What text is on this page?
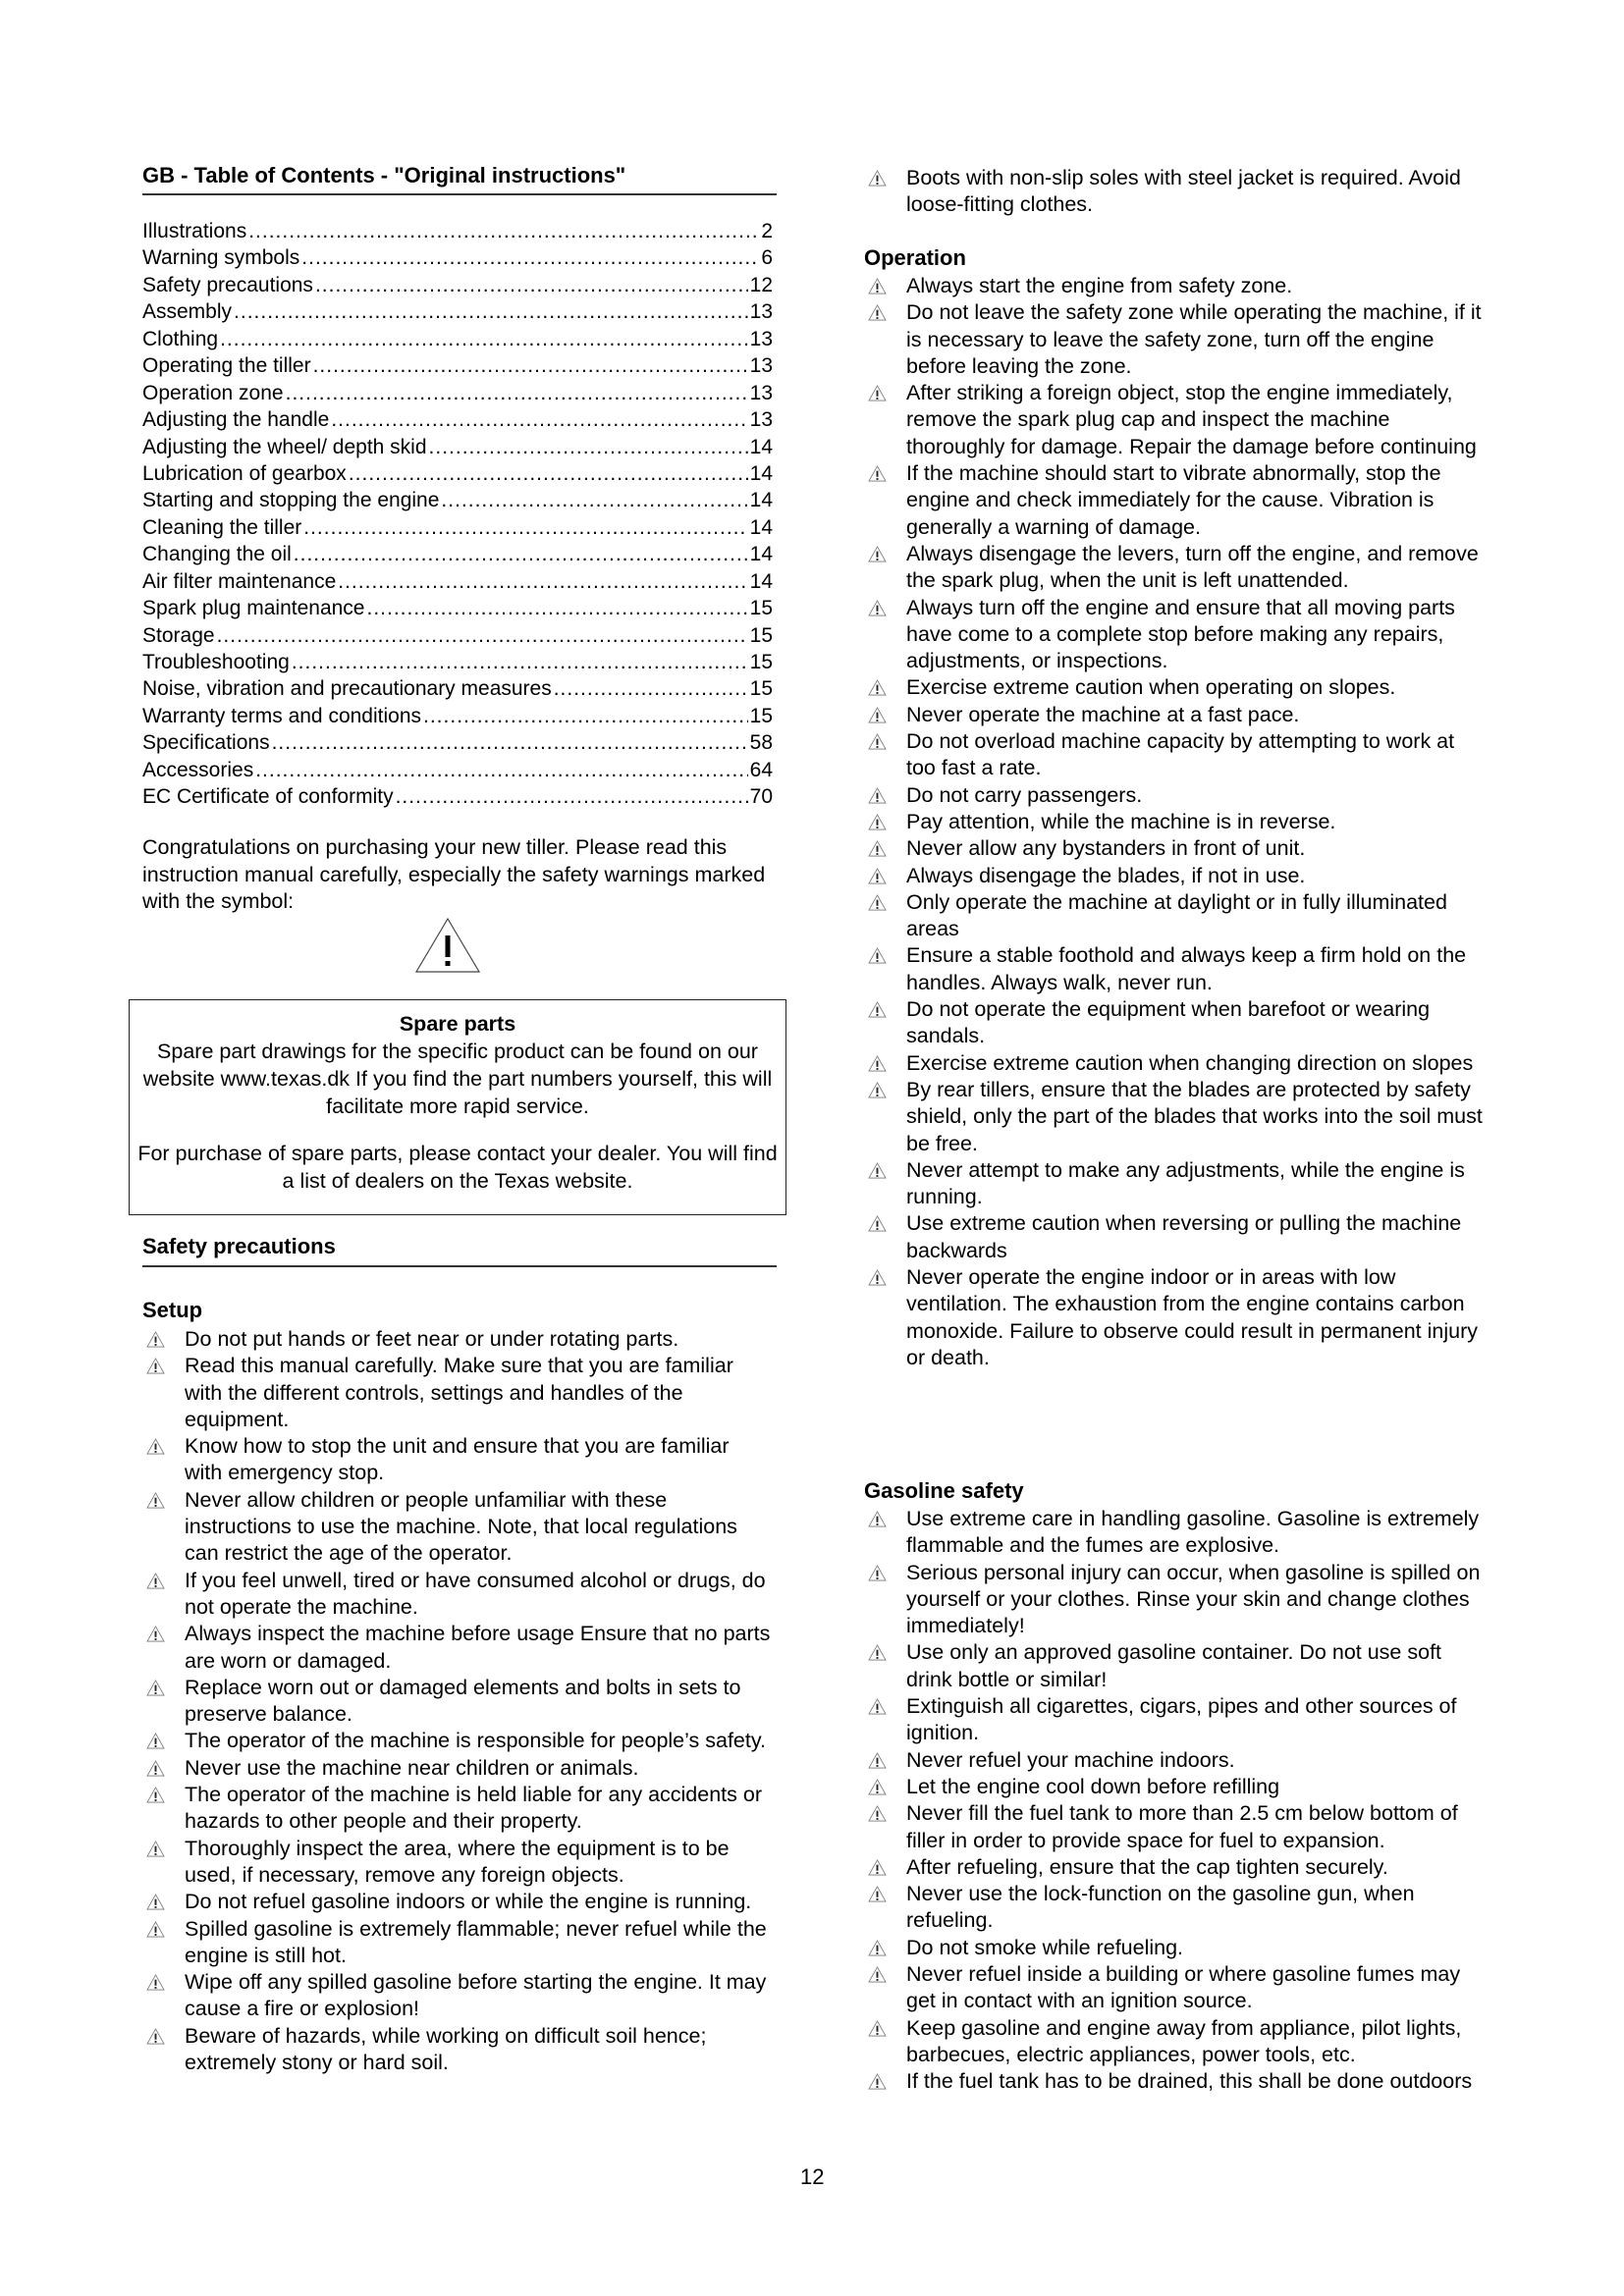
GB - Table of Contents - "Original instructions"
Illustrations .....	2
Warning symbols .....	6
Safety precautions .....	12
Assembly .....	13
Clothing .....	13
Operating the tiller .....	13
Operation zone .....	13
Adjusting the handle .....	13
Adjusting the wheel/ depth skid .....	14
Lubrication of gearbox .....	14
Starting and stopping the engine .....	14
Cleaning the tiller .....	14
Changing the oil .....	14
Air filter maintenance .....	14
Spark plug maintenance .....	15
Storage .....	15
Troubleshooting .....	15
Noise, vibration and precautionary measures .....	15
Warranty terms and conditions .....	15
Specifications .....	58
Accessories .....	64
EC Certificate of conformity .....	70
Congratulations on purchasing your new tiller. Please read this instruction manual carefully, especially the safety warnings marked with the symbol:
Spare parts
Spare part drawings for the specific product can be found on our website www.texas.dk If you find the part numbers yourself, this will facilitate more rapid service.
For purchase of spare parts, please contact your dealer. You will find a list of dealers on the Texas website.
Safety precautions
Setup
Do not put hands or feet near or under rotating parts.
Read this manual carefully. Make sure that you are familiar with the different controls, settings and handles of the equipment.
Know how to stop the unit and ensure that you are familiar with emergency stop.
Never allow children or people unfamiliar with these instructions to use the machine. Note, that local regulations can restrict the age of the operator.
If you feel unwell, tired or have consumed alcohol or drugs, do not operate the machine.
Always inspect the machine before usage Ensure that no parts are worn or damaged.
Replace worn out or damaged elements and bolts in sets to preserve balance.
The operator of the machine is responsible for people’s safety.
Never use the machine near children or animals.
The operator of the machine is held liable for any accidents or hazards to other people and their property.
Thoroughly inspect the area, where the equipment is to be used, if necessary, remove any foreign objects.
Do not refuel gasoline indoors or while the engine is running.
Spilled gasoline is extremely flammable; never refuel while the engine is still hot.
Wipe off any spilled gasoline before starting the engine. It may cause a fire or explosion!
Beware of hazards, while working on difficult soil hence; extremely stony or hard soil.
Boots with non-slip soles with steel jacket is required. Avoid loose-fitting clothes.
Operation
Always start the engine from safety zone.
Do not leave the safety zone while operating the machine, if it is necessary to leave the safety zone, turn off the engine before leaving the zone.
After striking a foreign object, stop the engine immediately, remove the spark plug cap and inspect the machine thoroughly for damage. Repair the damage before continuing
If the machine should start to vibrate abnormally, stop the engine and check immediately for the cause. Vibration is generally a warning of damage.
Always disengage the levers, turn off the engine, and remove the spark plug, when the unit is left unattended.
Always turn off the engine and ensure that all moving parts have come to a complete stop before making any repairs, adjustments, or inspections.
Exercise extreme caution when operating on slopes.
Never operate the machine at a fast pace.
Do not overload machine capacity by attempting to work at too fast a rate.
Do not carry passengers.
Pay attention, while the machine is in reverse.
Never allow any bystanders in front of unit.
Always disengage the blades, if not in use.
Only operate the machine at daylight or in fully illuminated areas
Ensure a stable foothold and always keep a firm hold on the handles. Always walk, never run.
Do not operate the equipment when barefoot or wearing sandals.
Exercise extreme caution when changing direction on slopes
By rear tillers, ensure that the blades are protected by safety shield, only the part of the blades that works into the soil must be free.
Never attempt to make any adjustments, while the engine is running.
Use extreme caution when reversing or pulling the machine backwards
Never operate the engine indoor or in areas with low ventilation. The exhaustion from the engine contains carbon monoxide. Failure to observe could result in permanent injury or death.
Gasoline safety
Use extreme care in handling gasoline. Gasoline is extremely flammable and the fumes are explosive.
Serious personal injury can occur, when gasoline is spilled on yourself or your clothes. Rinse your skin and change clothes immediately!
Use only an approved gasoline container. Do not use soft drink bottle or similar!
Extinguish all cigarettes, cigars, pipes and other sources of ignition.
Never refuel your machine indoors.
Let the engine cool down before refilling
Never fill the fuel tank to more than 2.5 cm below bottom of filler in order to provide space for fuel to expansion.
After refueling, ensure that the cap tighten securely.
Never use the lock-function on the gasoline gun, when refueling.
Do not smoke while refueling.
Never refuel inside a building or where gasoline fumes may get in contact with an ignition source.
Keep gasoline and engine away from appliance, pilot lights, barbecues, electric appliances, power tools, etc.
If the fuel tank has to be drained, this shall be done outdoors
12
